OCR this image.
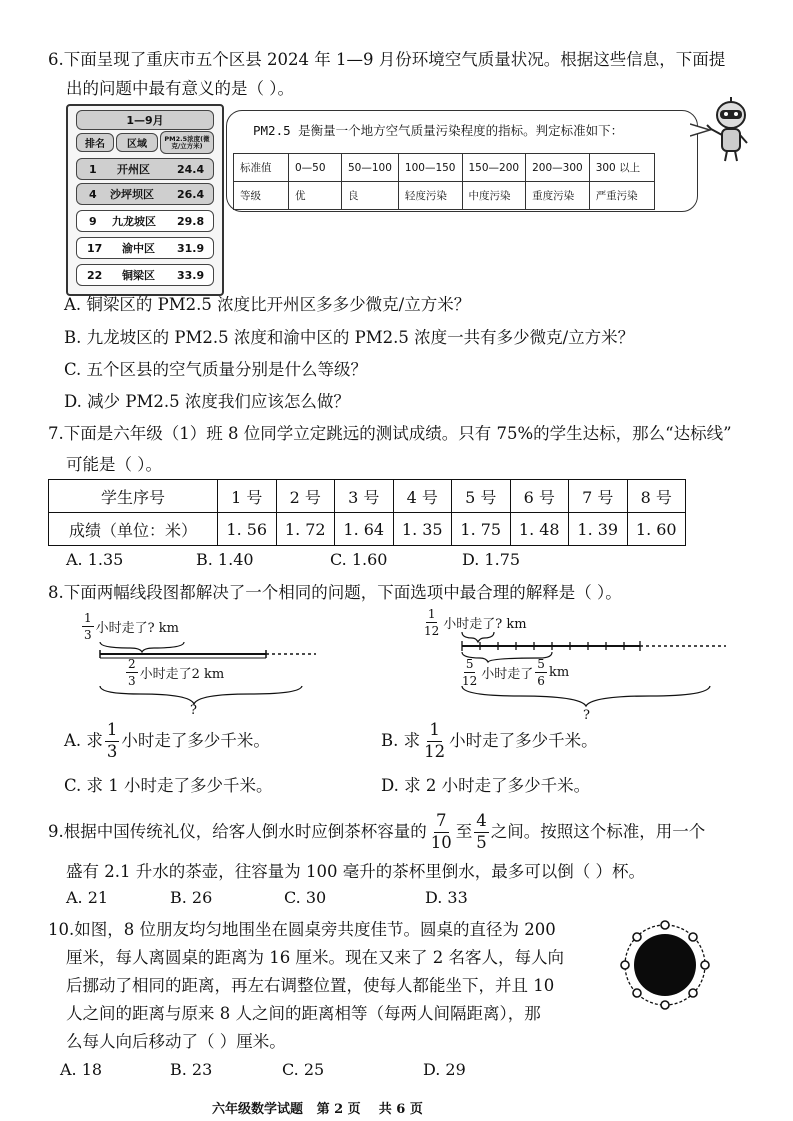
6.下面呈现了重庆市五个区县 2024 年 1—9 月份环境空气质量状况。根据这些信息，下面提
出的问题中最有意义的是（ ）。
1—9月
排名 区域
PM2.5浓度(微克/立方米)
1 开州区 24.4
4 沙坪坝区 26.4
9 九龙坡区 29.8
17 渝中区 31.9
22 铜梁区 33.9
PM2.5 是衡量一个地方空气质量污染程度的指标。判定标准如下：
标准值	0—50	50—100	100—150	150—200	200—300	300 以上
等级	优	良	轻度污染	中度污染	重度污染	严重污染
A. 铜梁区的 PM2.5 浓度比开州区多多少微克/立方米？
B. 九龙坡区的 PM2.5 浓度和渝中区的 PM2.5 浓度一共有多少微克/立方米？
C. 五个区县的空气质量分别是什么等级？
D. 减少 PM2.5 浓度我们应该怎么做？
7.下面是六年级（1）班 8 位同学立定跳远的测试成绩。只有 75%的学生达标，那么“达标线”
可能是（ ）。
学生序号	1 号	2 号	3 号	4 号	5 号	6 号	7 号	8 号
成绩（单位：米）	1. 56	1. 72	1. 64	1. 35	1. 75	1. 48	1. 39	1. 60
A. 1.35	B. 1.40	C. 1.60	D. 1.75
8.下面两幅线段图都解决了一个相同的问题，下面选项中最合理的解释是（ ）。
$\frac{1}{3}$ 小时走了? km
$\frac{2}{3}$ 小时走了2 km
?
$\frac{1}{12}$ 小时走了? km
$\frac{5}{12}$ 小时走了 $\frac{5}{6}$ km
?
A. 求 $\frac{1}{3}$ 小时走了多少千米。	B. 求 $\frac{1}{12}$ 小时走了多少千米。
C. 求 1 小时走了多少千米。	D. 求 2 小时走了多少千米。
9.根据中国传统礼仪，给客人倒水时应倒茶杯容量的 $\frac{7}{10}$ 至 $\frac{4}{5}$ 之间。按照这个标准，用一个
盛有 2.1 升水的茶壶，往容量为 100 毫升的茶杯里倒水，最多可以倒（ ）杯。
A. 21	B. 26	C. 30	D. 33
10.如图，8 位朋友均匀地围坐在圆桌旁共度佳节。圆桌的直径为 200
厘米，每人离圆桌的距离为 16 厘米。现在又来了 2 名客人，每人向
后挪动了相同的距离，再左右调整位置，使每人都能坐下，并且 10
人之间的距离与原来 8 人之间的距离相等（每两人间隔距离），那
么每人向后移动了（ ）厘米。
A. 18	B. 23	C. 25	D. 29
六年级数学试题   第 2 页    共 6 页
